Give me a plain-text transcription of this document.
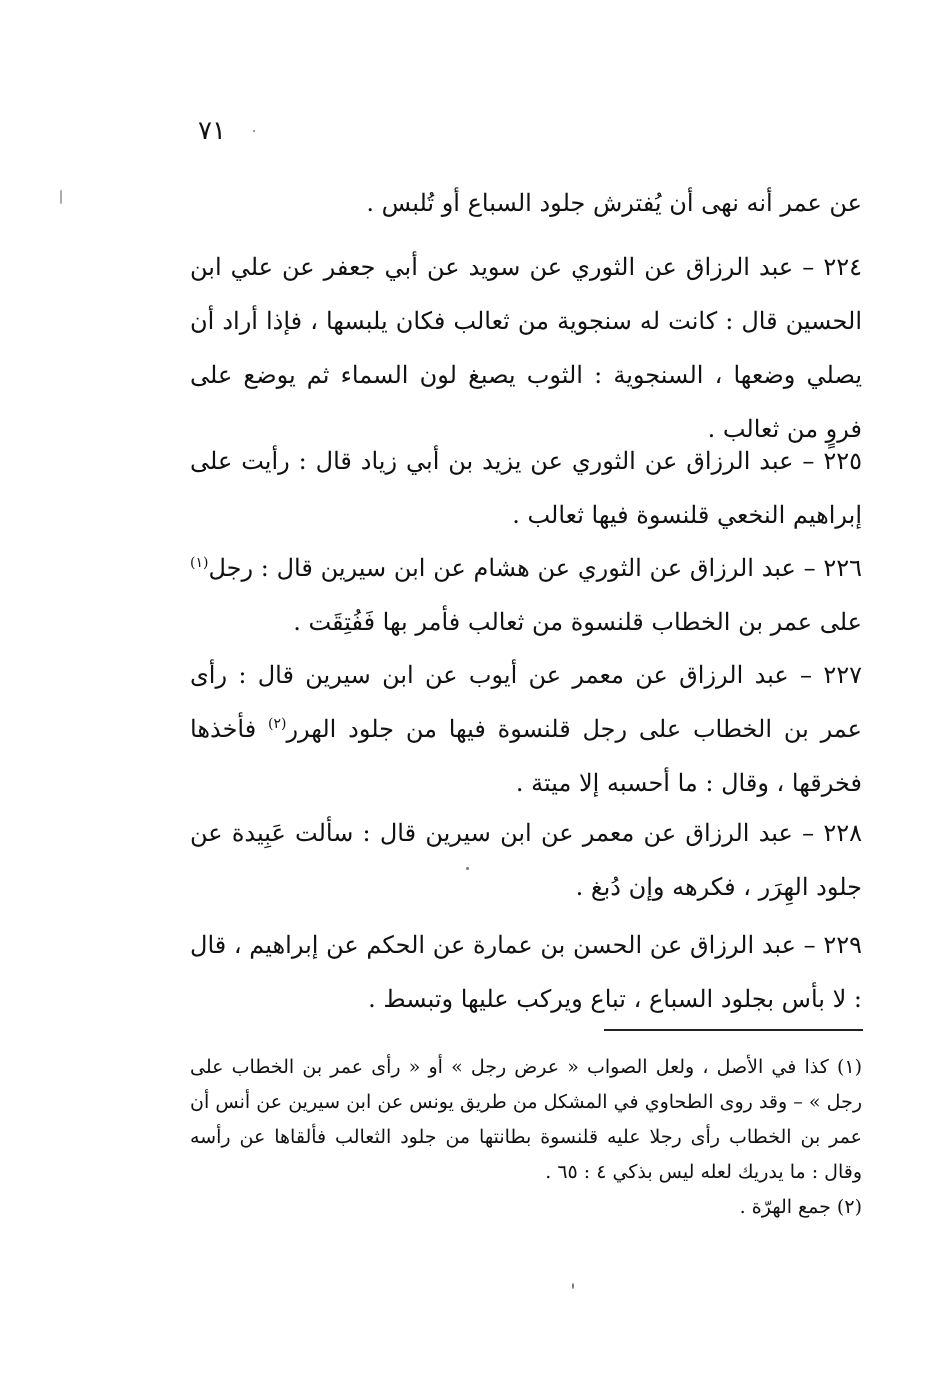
٧١

عن عمر أنه نهى أن يُفترش جلود السباع أو تُلبس .

٢٢٤ – عبد الرزاق عن الثوري عن سويد عن أبي جعفر عن علي ابن الحسين قال : كانت له سنجوية من ثعالب فكان يلبسها ، فإذا أراد أن يصلي وضعها ، السنجوية : الثوب يصبغ لون السماء ثم يوضع على فروٍ من ثعالب .

٢٢٥ – عبد الرزاق عن الثوري عن يزيد بن أبي زياد قال : رأيت على إبراهيم النخعي قلنسوة فيها ثعالب .

٢٢٦ – عبد الرزاق عن الثوري عن هشام عن ابن سيرين قال : رجل$^{(١)}$ على عمر بن الخطاب قلنسوة من ثعالب فأمر بها فَفُتِقَت .

٢٢٧ – عبد الرزاق عن معمر عن أيوب عن ابن سيرين قال : رأى عمر بن الخطاب على رجل قلنسوة فيها من جلود الهرر$^{(٢)}$ فأخذها فخرقها ، وقال : ما أحسبه إلا ميتة .

٢٢٨ – عبد الرزاق عن معمر عن ابن سيرين قال : سألت عَبِيدة عن جلود الهِرَر ، فكرهه وإن دُبغ .

٢٢٩ – عبد الرزاق عن الحسن بن عمارة عن الحكم عن إبراهيم ، قال : لا بأس بجلود السباع ، تباع ويركب عليها وتبسط .

(١) كذا في الأصل ، ولعل الصواب « عرض رجل » أو « رأى عمر بن الخطاب على رجل » – وقد روى الطحاوي في المشكل من طريق يونس عن ابن سيرين عن أنس أن عمر بن الخطاب رأى رجلا عليه قلنسوة بطانتها من جلود الثعالب فألقاها عن رأسه وقال : ما يدريك لعله ليس بذكي ٤ : ٦٥ .

(٢) جمع الهرّة .
